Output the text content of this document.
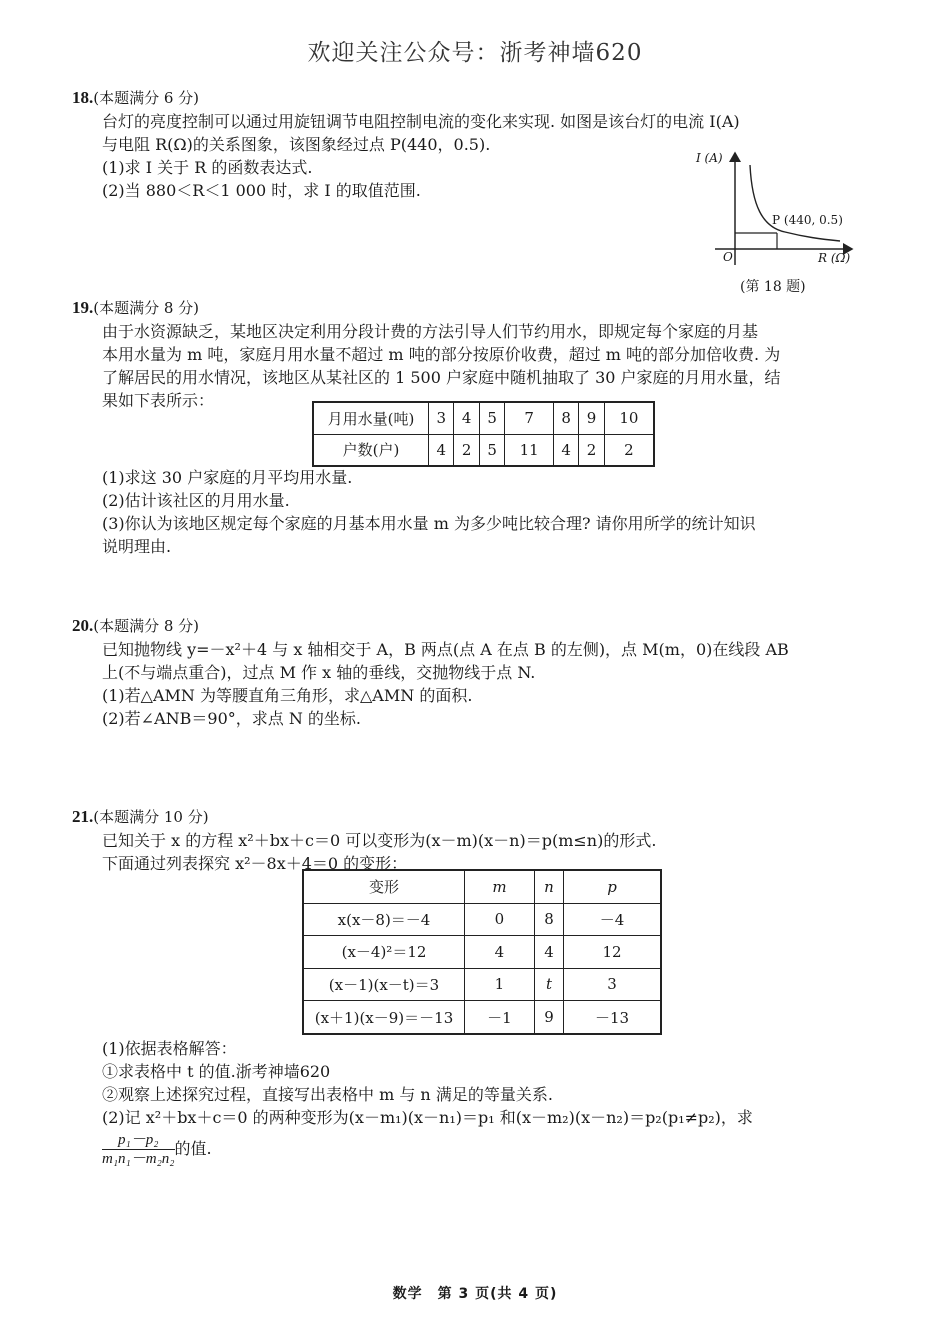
欢迎关注公众号：浙考神墙620
18.(本题满分 6 分)

台灯的亮度控制可以通过用旋钮调节电阻控制电流的变化来实现. 如图是该台灯的电流 I(A)

与电阻 R(Ω)的关系图象，该图象经过点 P(440，0.5).

(1)求 I 关于 R 的函数表达式.

(2)当 880＜R＜1 000 时，求 I 的取值范围.

I (A)
P (440, 0.5)
O	R (Ω)
(第 18 题)
19.(本题满分 8 分)

由于水资源缺乏，某地区决定利用分段计费的方法引导人们节约用水，即规定每个家庭的月基

本用水量为 m 吨，家庭月用水量不超过 m 吨的部分按原价收费，超过 m 吨的部分加倍收费. 为

了解居民的用水情况，该地区从某社区的 1 500 户家庭中随机抽取了 30 户家庭的月用水量，结

果如下表所示：

月用水量(吨)	3	4	5	7	8	9	10
户数(户)	4	2	5	11	4	2	2

(1)求这 30 户家庭的月平均用水量.

(2)估计该社区的月用水量.

(3)你认为该地区规定每个家庭的月基本用水量 m 为多少吨比较合理? 请你用所学的统计知识

说明理由.

20.(本题满分 8 分)

已知抛物线 y=－x²＋4 与 x 轴相交于 A，B 两点(点 A 在点 B 的左侧)，点 M(m，0)在线段 AB

上(不与端点重合)，过点 M 作 x 轴的垂线，交抛物线于点 N.

(1)若△AMN 为等腰直角三角形，求△AMN 的面积.

(2)若∠ANB＝90°，求点 N 的坐标.

21.(本题满分 10 分)

已知关于 x 的方程 x²＋bx＋c＝0 可以变形为(x－m)(x－n)＝p(m≤n)的形式.

下面通过列表探究 x²－8x＋4＝0 的变形：

变形	m	n	p
x(x－8)＝－4	0	8	－4
(x－4)²＝12	4	4	12
(x－1)(x－t)＝3	1	t	3
(x＋1)(x－9)＝－13	－1	9	－13

(1)依据表格解答：

①求表格中 t 的值.浙考神墙620

②观察上述探究过程，直接写出表格中 m 与 n 满足的等量关系.

(2)记 x²＋bx＋c＝0 的两种变形为(x－m₁)(x－n₁)＝p₁ 和(x－m₂)(x－n₂)＝p₂(p₁≠p₂)，求

$\frac{\text{p₁－p₂}}{\text{m₁n₁－m₂n₂}}$ 的值.

数学　第 3 页(共 4 页)
